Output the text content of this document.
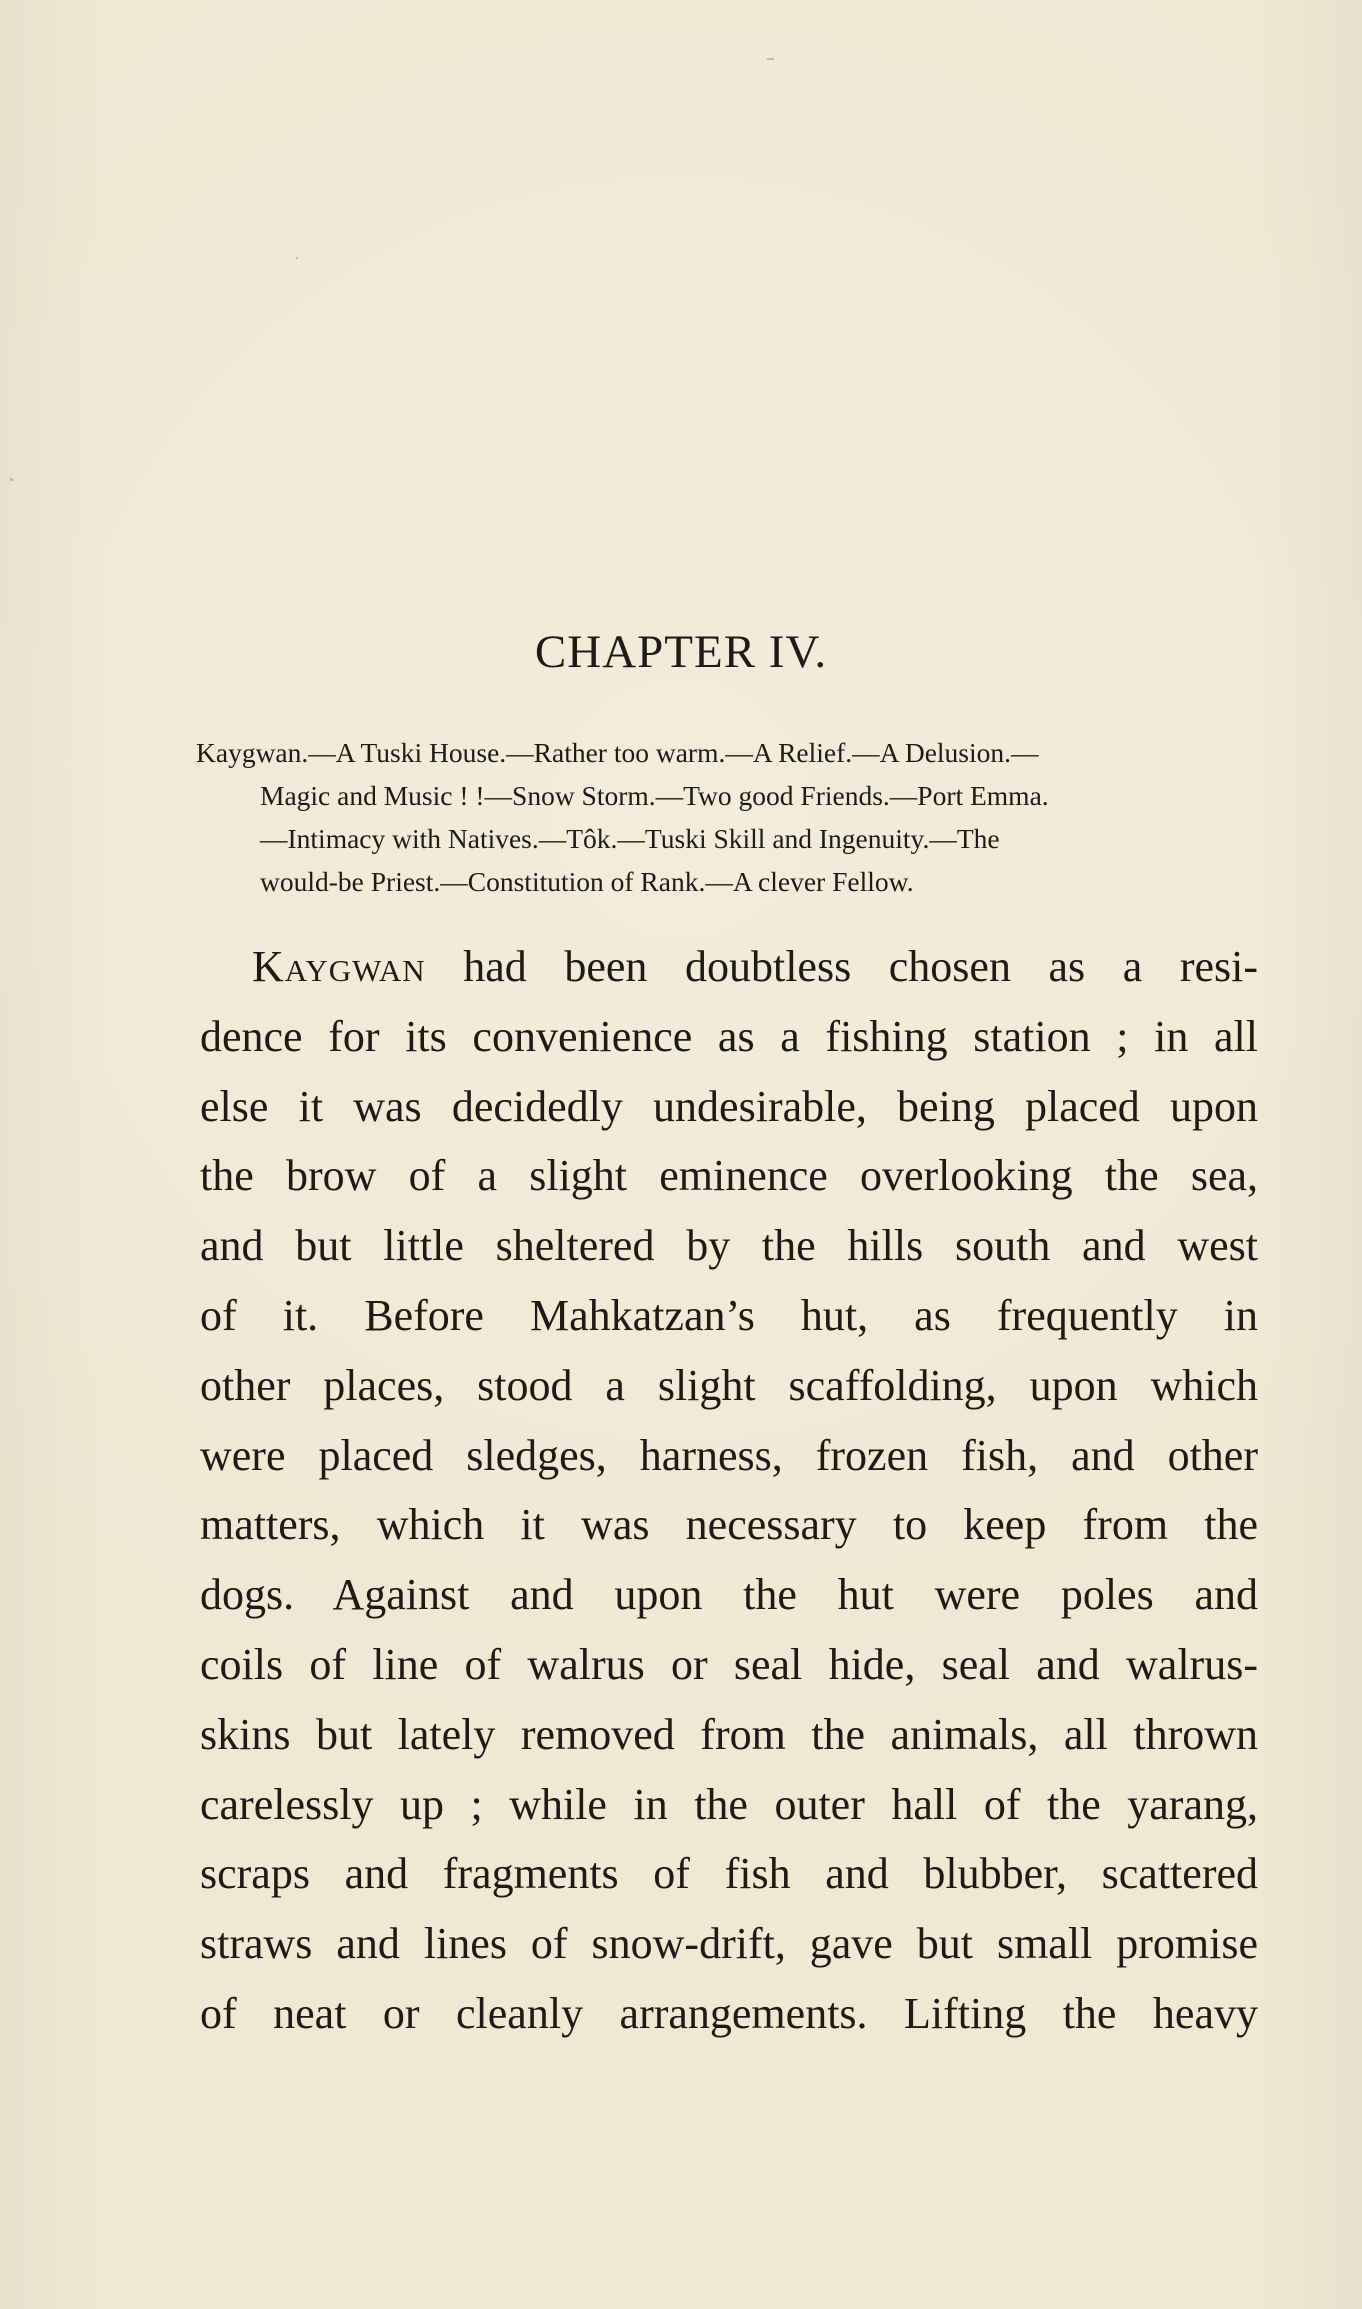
CHAPTER IV.
Kaygwan.—A Tuski House.—Rather too warm.—A Relief.—A Delusion.—
Magic and Music ! !—Snow Storm.—Two good Friends.—Port Emma.
—Intimacy with Natives.—Tôk.—Tuski Skill and Ingenuity.—The
would-be Priest.—Constitution of Rank.—A clever Fellow.
Kaygwan had been doubtless chosen as a resi-
dence for its convenience as a fishing station ; in all
else it was decidedly undesirable, being placed upon
the brow of a slight eminence overlooking the sea,
and but little sheltered by the hills south and west
of it. Before Mahkatzan’s hut, as frequently in
other places, stood a slight scaffolding, upon which
were placed sledges, harness, frozen fish, and other
matters, which it was necessary to keep from the
dogs. Against and upon the hut were poles and
coils of line of walrus or seal hide, seal and walrus-
skins but lately removed from the animals, all thrown
carelessly up ; while in the outer hall of the yarang,
scraps and fragments of fish and blubber, scattered
straws and lines of snow-drift, gave but small promise
of neat or cleanly arrangements. Lifting the heavy
